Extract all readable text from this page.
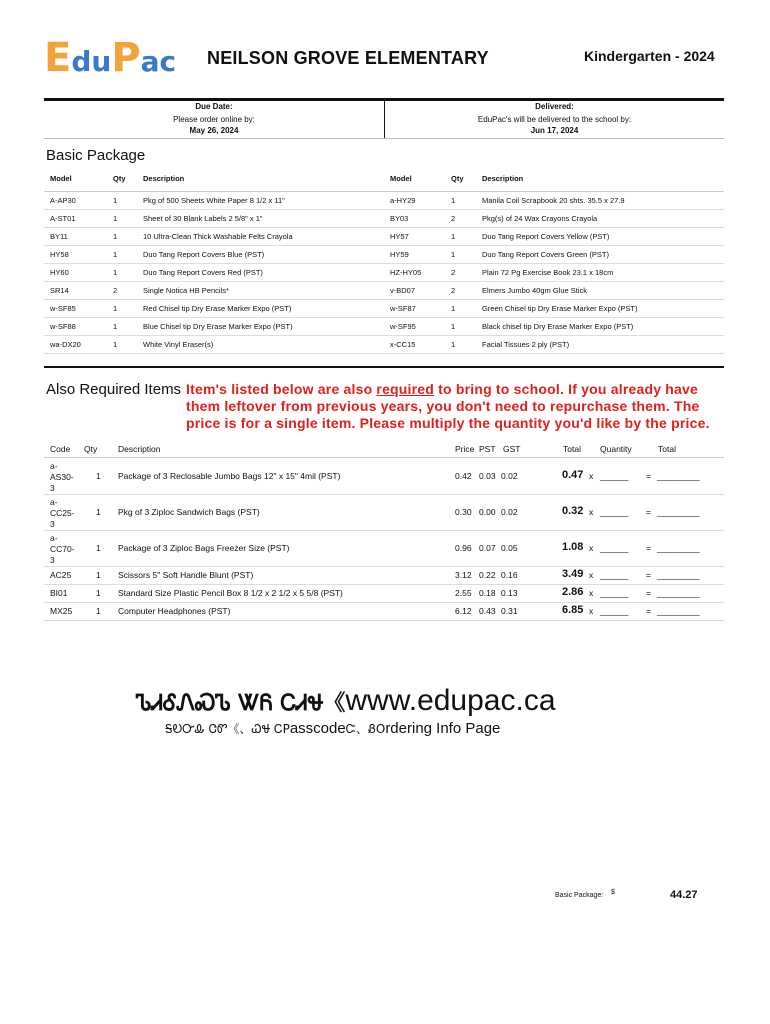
EduPac NEILSON GROVE ELEMENTARY	Kindergarten - 2024
Due Date:
Please order online by:
May 26, 2024
Delivered:
EduPac's will be delivered to the school by:
Jun 17, 2024
Basic Package
Model	Qty Description	Model	Qty Description
A-AP30	1	Pkg of 500 Sheets White Paper 8 1/2 x 11"	a-HY29	1	Manila Coil Scrapbook 20 shts. 35.5 x 27.9
A-ST01	1	Sheet of 30 Blank Labels 2 5/8" x 1"	BY03	2	Pkg(s) of 24 Wax Crayons Crayola
BY11	1	10 Ultra-Clean Thick Washable Felts Crayola	HY57	1	Duo Tang Report Covers Yellow (PST)
HY58	1	Duo Tang Report Covers Blue (PST)	HY59	1	Duo Tang Report Covers Green (PST)
HY60	1	Duo Tang Report Covers Red (PST)	HZ-HY05	2	Plain 72 Pg Exercise Book 23.1 x 18cm
SR14	2	Single Notica HB Pencils*	v-BD07	2	Elmers Jumbo 40gm Glue Stick
w-SF85	1	Red Chisel tip Dry Erase Marker Expo (PST)	w-SF87	1	Green Chisel tip Dry Erase Marker Expo (PST)
w-SF88	1	Blue Chisel tip Dry Erase Marker Expo (PST)	w-SF95	1	Black chisel tip Dry Erase Marker Expo (PST)
wa-DX20	1	White Vinyl Eraser(s)	x-CC15	1	Facial Tissues 2 ply (PST)
Also Required Items Item's listed below are also required to bring to school. If you already have
them leftover from previous years, you don't need to repurchase them. The
price is for a single item. Please multiply the quantity you'd like by the price.
Code Qty Description	Price PST GST	Total Quantity	Total
a-
AS30-
3
1 Package of 3 Reclosable Jumbo Bags 12" x 15" 4mil (PST)	0.42 0.03 0.02	0.47 x ______ = _________
a-
CC25-
3
1 Pkg of 3 Ziploc Sandwich Bags (PST)	0.30 0.00 0.02	0.32 x ______ = _________
a-
CC70-
3
1 Package of 3 Ziploc Bags Freezer Size (PST)	0.96 0.07 0.05	1.08 x ______ = _________
AC25	1 Scissors 5" Soft Handle Blunt (PST)	3.12 0.22 0.16	3.49 x ______ = _________
BI01	1 Standard Size Plastic Pencil Box 8 1/2 x 2 1/2 x 5 5/8 (PST)	2.55 0.18 0.13	2.86 x ______ = _________
MX25	1 Computer Headphones (PST)	6.12 0.43 0.31	6.85 x ______ = _________
ᏖᏗᎴᏁᏍᏖ ᏔᏲ ᏟᏗᏠ《www.edupac.ca
ᎦᎧᏅᎲ ᏣᏛ《、ᏇᏠ ᏟPasscodeᏨ、ᏰOrdering Info Page
Basic Package: $	44.27
